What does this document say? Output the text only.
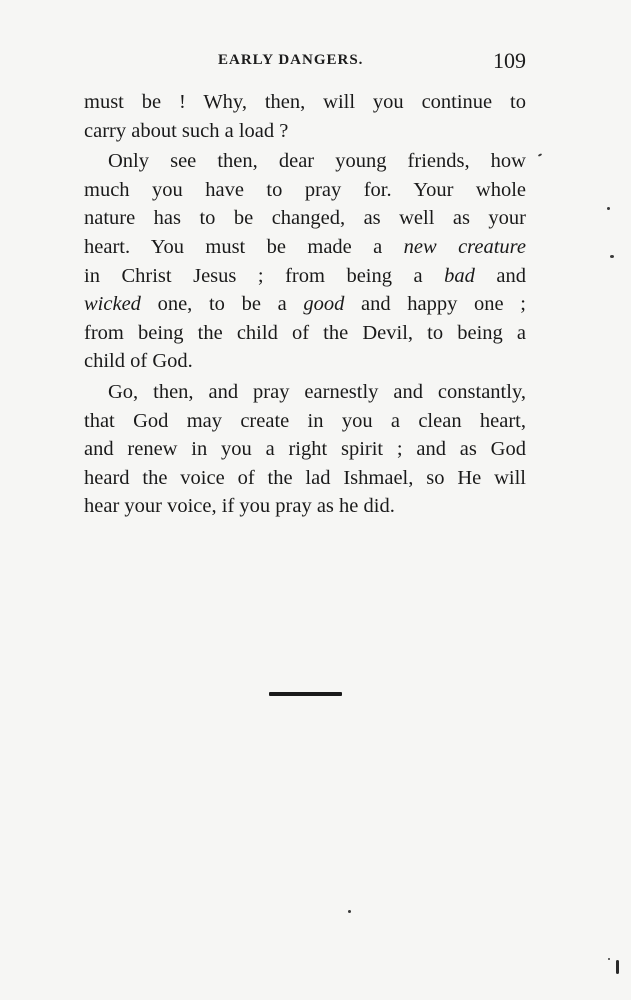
EARLY DANGERS.	109

must be ! Why, then, will you continue to
carry about such a load ?

Only see then, dear young friends, how
much you have to pray for. Your whole
nature has to be changed, as well as your
heart. You must be made a new creature
in Christ Jesus ; from being a bad and
wicked one, to be a good and happy one ;
from being the child of the Devil, to being a
child of God.

Go, then, and pray earnestly and constantly,
that God may create in you a clean heart,
and renew in you a right spirit ; and as God
heard the voice of the lad Ishmael, so He will
hear your voice, if you pray as he did.
